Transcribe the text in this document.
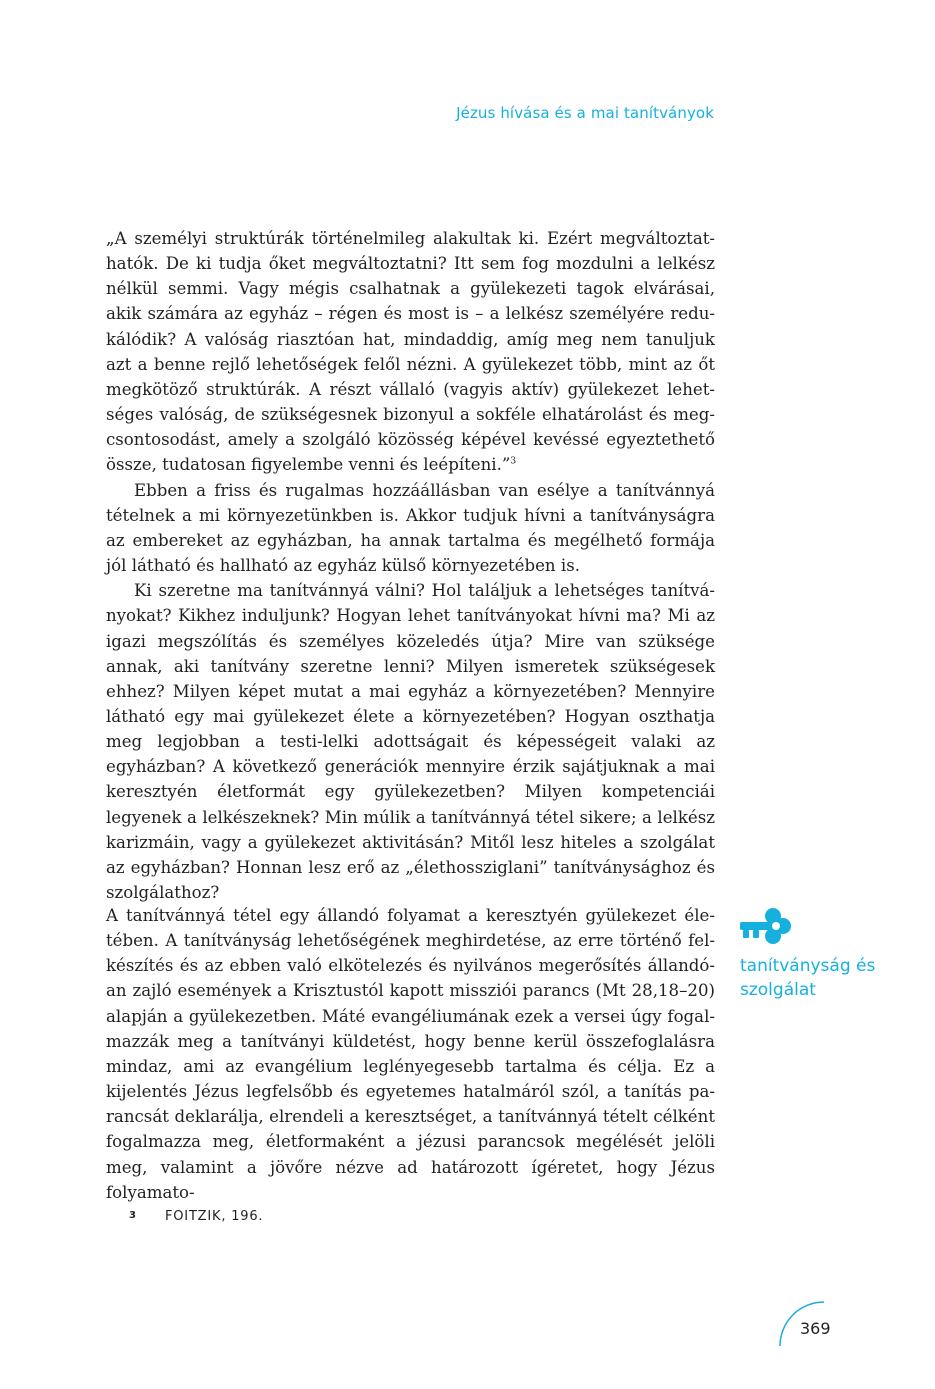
Jézus hívása és a mai tanítványok

„A személyi struktúrák történelmileg alakultak ki. Ezért megváltoztathatók. De ki tudja őket megváltoztatni? Itt sem fog mozdulni a lelkész nélkül semmi. Vagy mégis csalhatnak a gyülekezeti tagok elvárásai, akik számára az egyház – régen és most is – a lelkész személyére redukálódik? A valóság riasztóan hat, mindaddig, amíg meg nem tanuljuk azt a benne rejlő lehetőségek felől nézni. A gyülekezet több, mint az őt megkötöző struktúrák. A részt vállaló (vagyis aktív) gyülekezet lehetséges valóság, de szükségesnek bizonyul a sokféle elhatárolást és megcsontosodást, amely a szolgáló közösség képével kevéssé egyeztethető össze, tudatosan figyelembe venni és leépíteni.”$^3$

Ebben a friss és rugalmas hozzáállásban van esélye a tanítvánnyá tételnek a mi környezetünkben is. Akkor tudjuk hívni a tanítványságra az embereket az egyházban, ha annak tartalma és megélhető formája jól látható és hallható az egyház külső környezetében is.

Ki szeretne ma tanítvánnyá válni? Hol találjuk a lehetséges tanítványokat? Kikhez induljunk? Hogyan lehet tanítványokat hívni ma? Mi az igazi megszólítás és személyes közeledés útja? Mire van szüksége annak, aki tanítvány szeretne lenni? Milyen ismeretek szükségesek ehhez? Milyen képet mutat a mai egyház a környezetében? Mennyire látható egy mai gyülekezet élete a környezetében? Hogyan oszthatja meg legjobban a testi-lelki adottságait és képességeit valaki az egyházban? A következő generációk mennyire érzik sajátjuknak a mai keresztyén életformát egy gyülekezetben? Milyen kompetenciái legyenek a lelkészeknek? Min múlik a tanítvánnyá tétel sikere; a lelkész karizmáin, vagy a gyülekezet aktivitásán? Mitől lesz hiteles a szolgálat az egyházban? Honnan lesz erő az „élethossziglani” tanítványsághoz és szolgálathoz?

A tanítvánnyá tétel egy állandó folyamat a keresztyén gyülekezet életében. A tanítványság lehetőségének meghirdetése, az erre történő felkészítés és az ebben való elkötelezés és nyilvános megerősítés állandóan zajló események a Krisztustól kapott missziói parancs (Mt 28,18–20) alapján a gyülekezetben. Máté evangéliumának ezek a versei úgy fogalmazzák meg a tanítványi küldetést, hogy benne kerül összefoglalásra mindaz, ami az evangélium leglényegesebb tartalma és célja. Ez a kijelentés Jézus legfelsőbb és egyetemes hatalmáról szól, a tanítás parancsát deklarálja, elrendeli a keresztséget, a tanítvánnyá tételt célként fogalmazza meg, életformaként a jézusi parancsok megélését jelöli meg, valamint a jövőre nézve ad határozott ígéretet, hogy Jézus folyamato-

tanítványság és szolgálat
3	FOITZIK, 196.
369
